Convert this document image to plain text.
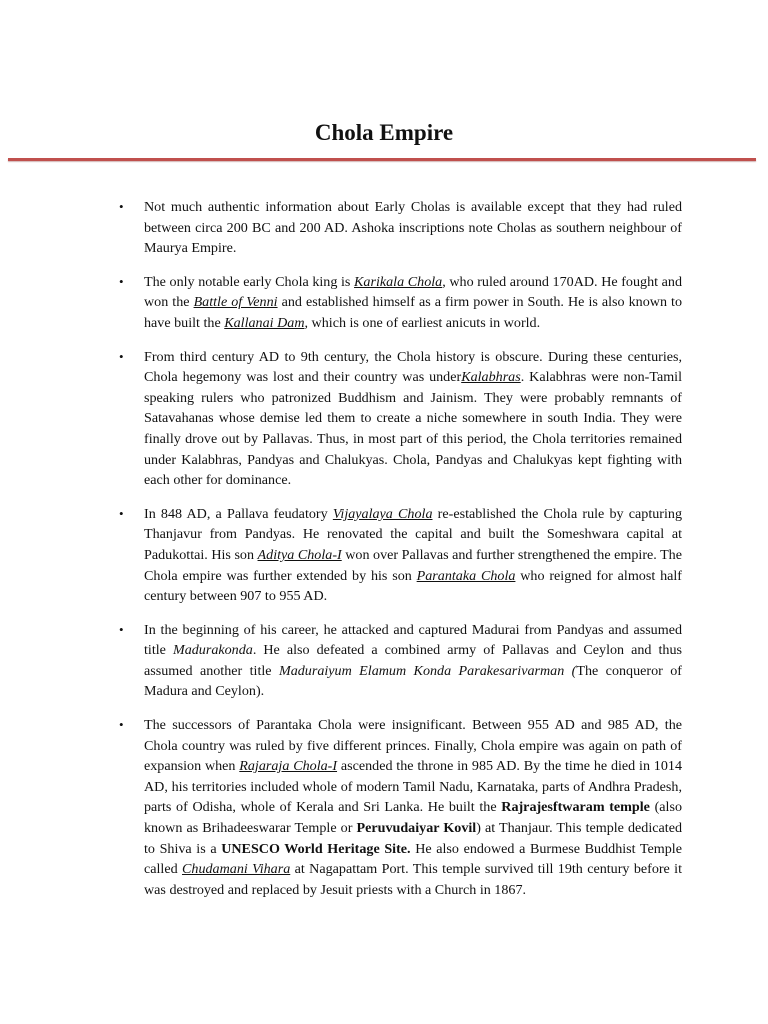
Chola Empire
• Not much authentic information about Early Cholas is available except that they had ruled between circa 200 BC and 200 AD. Ashoka inscriptions note Cholas as southern neighbour of Maurya Empire.
• The only notable early Chola king is Karikala Chola, who ruled around 170AD. He fought and won the Battle of Venni and established himself as a firm power in South. He is also known to have built the Kallanai Dam, which is one of earliest anicuts in world.
• From third century AD to 9th century, the Chola history is obscure. During these centuries, Chola hegemony was lost and their country was underKalabhras. Kalabhras were non-Tamil speaking rulers who patronized Buddhism and Jainism. They were probably remnants of Satavahanas whose demise led them to create a niche somewhere in south India. They were finally drove out by Pallavas. Thus, in most part of this period, the Chola territories remained under Kalabhras, Pandyas and Chalukyas. Chola, Pandyas and Chalukyas kept fighting with each other for dominance.
• In 848 AD, a Pallava feudatory Vijayalaya Chola re-established the Chola rule by capturing Thanjavur from Pandyas. He renovated the capital and built the Someshwara capital at Padukottai. His son Aditya Chola-I won over Pallavas and further strengthened the empire. The Chola empire was further extended by his son Parantaka Chola who reigned for almost half century between 907 to 955 AD.
• In the beginning of his career, he attacked and captured Madurai from Pandyas and assumed title Madurakonda. He also defeated a combined army of Pallavas and Ceylon and thus assumed another title Maduraiyum Elamum Konda Parakesarivarman (The conqueror of Madura and Ceylon).
• The successors of Parantaka Chola were insignificant. Between 955 AD and 985 AD, the Chola country was ruled by five different princes. Finally, Chola empire was again on path of expansion when Rajaraja Chola-I ascended the throne in 985 AD. By the time he died in 1014 AD, his territories included whole of modern Tamil Nadu, Karnataka, parts of Andhra Pradesh, parts of Odisha, whole of Kerala and Sri Lanka. He built the Rajrajesftwaram temple (also known as Brihadeeswarar Temple or Peruvudaiyar Kovil) at Thanjaur. This temple dedicated to Shiva is a UNESCO World Heritage Site. He also endowed a Burmese Buddhist Temple called Chudamani Vihara at Nagapattam Port. This temple survived till 19th century before it was destroyed and replaced by Jesuit priests with a Church in 1867.
